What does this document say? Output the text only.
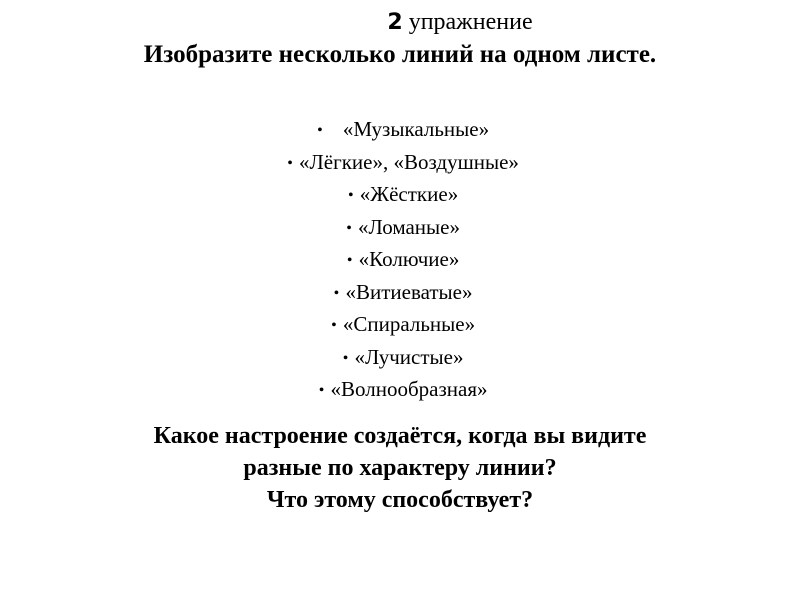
2 упражнение
Изобразите несколько линий на одном листе.
• «Музыкальные»
• «Лёгкие», «Воздушные»
• «Жёсткие»
• «Ломаные»
• «Колючие»
• «Витиеватые»
• «Спиральные»
• «Лучистые»
• «Волнообразная»
Какое настроение создаётся, когда вы видите
разные по характеру линии?
Что этому способствует?
